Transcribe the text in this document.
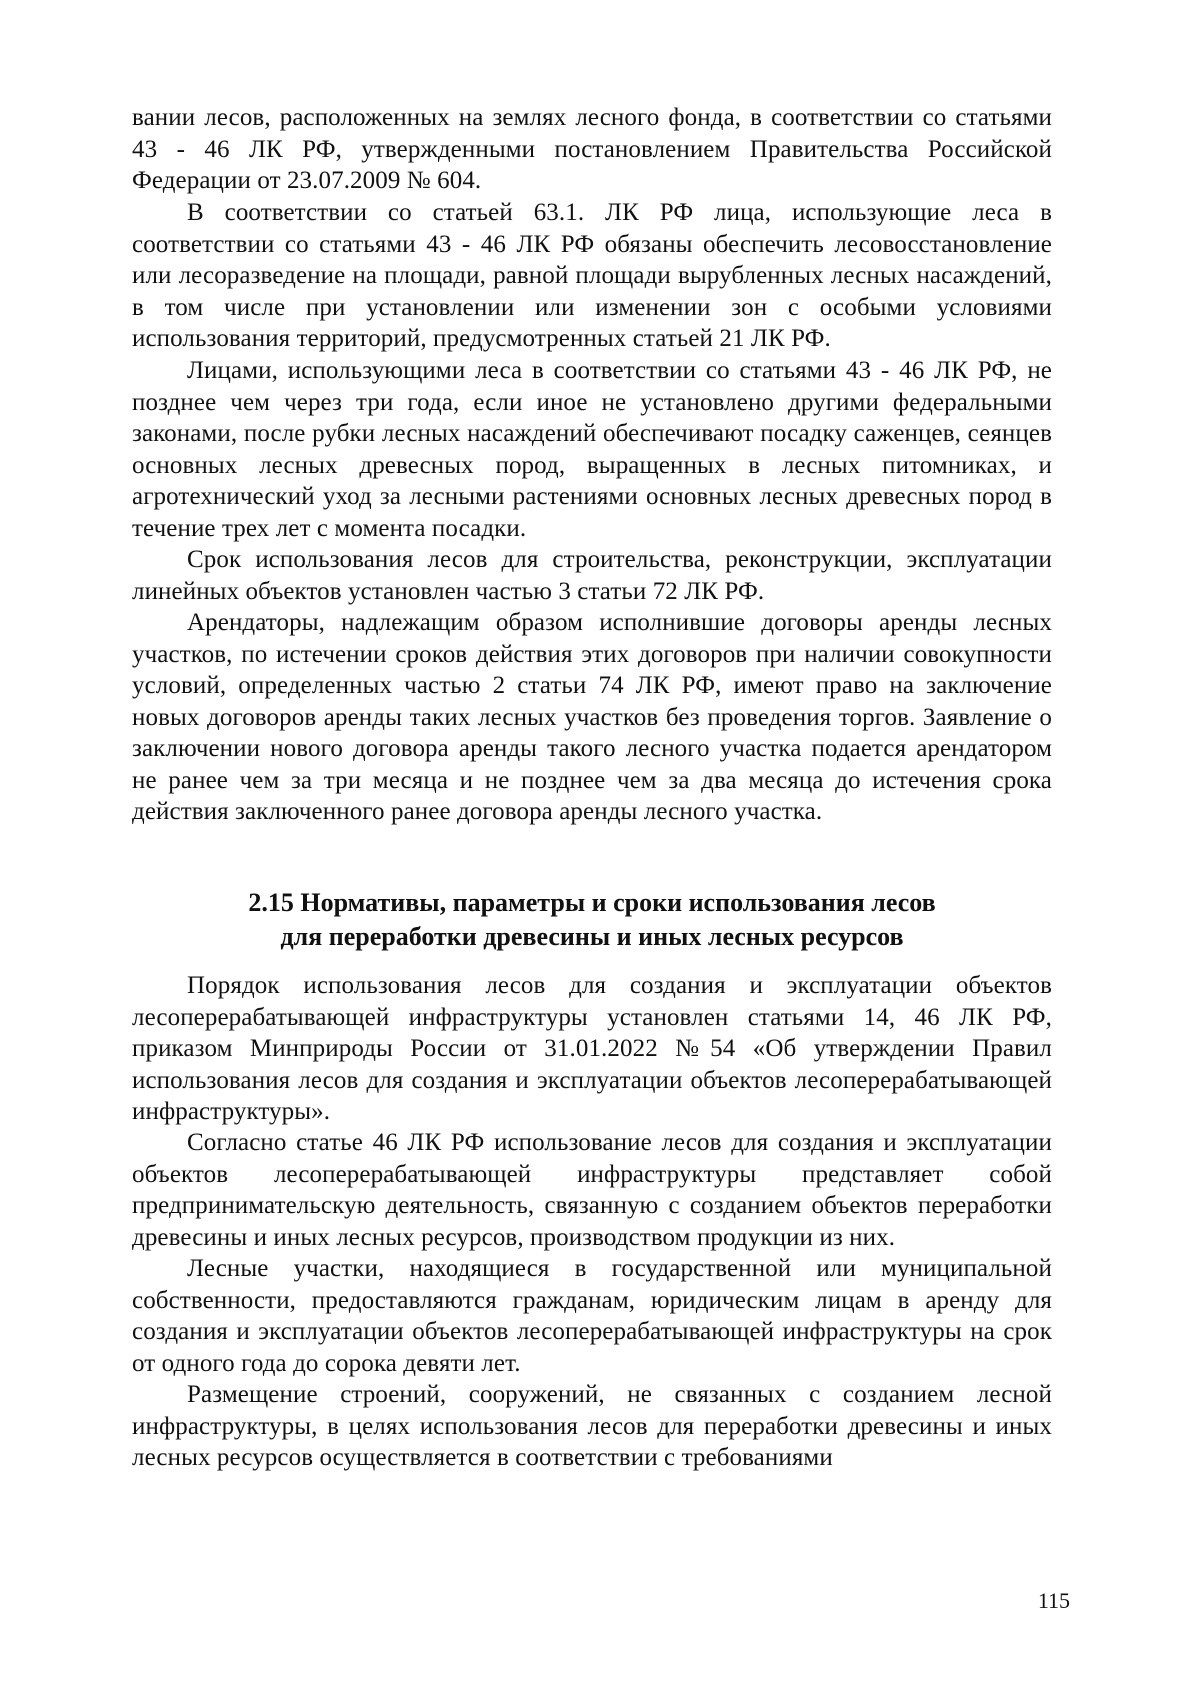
вании лесов, расположенных на землях лесного фонда, в соответствии со статьями 43 - 46 ЛК РФ, утвержденными постановлением Правительства Российской Федерации от 23.07.2009 № 604.

В соответствии со статьей 63.1. ЛК РФ лица, использующие леса в соответствии со статьями 43 - 46 ЛК РФ обязаны обеспечить лесовосстановление или лесоразведение на площади, равной площади вырубленных лесных насаждений, в том числе при установлении или изменении зон с особыми условиями использования территорий, предусмотренных статьей 21 ЛК РФ.

Лицами, использующими леса в соответствии со статьями 43 - 46 ЛК РФ, не позднее чем через три года, если иное не установлено другими федеральными законами, после рубки лесных насаждений обеспечивают посадку саженцев, сеянцев основных лесных древесных пород, выращенных в лесных питомниках, и агротехнический уход за лесными растениями основных лесных древесных пород в течение трех лет с момента посадки.

Срок использования лесов для строительства, реконструкции, эксплуатации линейных объектов установлен частью 3 статьи 72 ЛК РФ.

Арендаторы, надлежащим образом исполнившие договоры аренды лесных участков, по истечении сроков действия этих договоров при наличии совокупности условий, определенных частью 2 статьи 74 ЛК РФ, имеют право на заключение новых договоров аренды таких лесных участков без проведения торгов. Заявление о заключении нового договора аренды такого лесного участка подается арендатором не ранее чем за три месяца и не позднее чем за два месяца до истечения срока действия заключенного ранее договора аренды лесного участка.

2.15 Нормативы, параметры и сроки использования лесов
для переработки древесины и иных лесных ресурсов

Порядок использования лесов для создания и эксплуатации объектов лесоперерабатывающей инфраструктуры установлен статьями 14, 46 ЛК РФ, приказом Минприроды России от 31.01.2022 №54 «Об утверждении Правил использования лесов для создания и эксплуатации объектов лесоперерабатывающей инфраструктуры».

Согласно статье 46 ЛК РФ использование лесов для создания и эксплуатации объектов лесоперерабатывающей инфраструктуры представляет собой предпринимательскую деятельность, связанную с созданием объектов переработки древесины и иных лесных ресурсов, производством продукции из них.

Лесные участки, находящиеся в государственной или муниципальной собственности, предоставляются гражданам, юридическим лицам в аренду для создания и эксплуатации объектов лесоперерабатывающей инфраструктуры на срок от одного года до сорока девяти лет.

Размещение строений, сооружений, не связанных с созданием лесной инфраструктуры, в целях использования лесов для переработки древесины и иных лесных ресурсов осуществляется в соответствии с требованиями

115
